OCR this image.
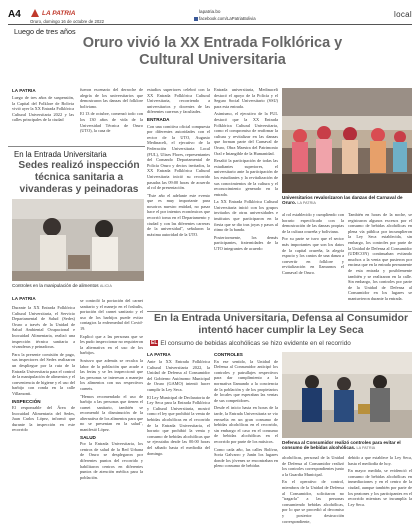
A4	LA PATRIA
Oruro, domingo 16 de octubre de 2022
lapatria.bo
facebook.com/LaPatriaBolivia	local
Luego de tres años
Oruro vivió la XX Entrada Folklórica y Cultural Universitaria
LA PATRIA

Luego de tres años de suspensión, la Capital del Folklore de Bolivia vivió ayer la XX Entrada Folklórica Cultural Universitaria 2022 y las calles principales de la ciudad

fueron escenario del derroche de alegría de los universitarios que demostraron las danzas del folklore boliviano.

El 13 de octubre, comenzó todo con los 130 años de vida de la Universidad Técnica de Oruro (UTO), la casa de

estudios superiores celebró con la XX Entrada Folklórica Cultural Universitaria, recorriendo a universitarios y docentes de las diferentes carreras y facultades.

ENTRADA

Con una comitiva oficial compuesta por diferentes autoridades con el rector de la UTO, Augusto Medinaceli, el ejecutivo de la Federación Universitaria Local (FUL), Ulises Flores, representantes del Comando Departamental de Policía Oruro y dectos invitados, la XX Entrada Folklórica Cultural Universitaria inició su recorrido pasadas las 09:00 horas de acuerdo al rol de presentación.

"Este año el adelante este evento que es muy importante para nosotros nuestro entidad, no pasar hace el por intentos económicos que recorrió toma en el Departamento y ciudad y con las diferentes carreras de la universidad", señalaron la máxima autoridad de la UTO.

Entrada universitaria, Medinaceli destacó el apoyo de la Policía y el Seguro Social Universitario (SSU) para esta entrada.

Asimismo, el ejecutivo de la FUL destacó que la XX Entrada Folklórica Cultural Universitaria, como el compromiso de reafirmar la cultura y revitalizar en las danzas que forman parte del Carnaval de Oruro, Obra Maestra del Patrimonio Oral e Intangible de la Humanidad.

Resaltó la participación de todas las estudiantes superiores, el universitario ante la participación de los estudiantes y la revitalización de sus conocimientos de la cultura y el reconocimiento generado en la entrada.

La XX Entrada Folklórica Cultural Universitaria inició con los grupos invitados de otras universidades e institutos que participaron en la fiesta que se dio tras joyas y pasos al ritmo de la banda.

Posteriormente, los demás participantes, fraternidades de la UTO integrantes de acuerdo

Universitarios revalorizaron las danzas del Carnaval de Oruro. LA PATRIA

al rol establecido y cumpliendo con horario especificado con la demostración de las danzas propias de la cultura orureña y boliviana.

Por su parte se tuvo que el sector más importantes que son los datos de la capital orureña, la alegría espacio y los cantos de una danza a convertir en folklore y revitalización en llamarnos el Carnaval de Oruro.

También en horas de la noche, se registraron algunos excesos por el consumo de bebidas alcohólicas en plena vía pública por incumplieron la Ley Seca establecida, sin embargo, los controles por parte de la Unidad de Defensa al Consumidor (UDECON) continuaban evitando muchos a la venta que pusieron por encima que en la entrada permanente de esta entrada y posiblemente también y se realizaron en la calle. Sin embargo, los controles por parte de la Unidad de Defensa al Consumidor en los lugares se mantuvieron durante la entrada.

En la Entrada Universitaria
Sedes realizó inspección técnica sanitaria a vivanderas y peinadoras
Controles en la manipulación de alimentos ALICIA
LA PATRIA

Durante la XX Entrada Folklórica Cultural Universitaria, el Servicio Departamental de Salud (Sedes) Oruro a través de la Unidad de Salud Ambiental Ocupacional e Inocuidad Alimentaria, realizó una inspección técnica sanitaria a vivanderas y peinadoras.

Para la presente comisión de pago, sus inspectores del Sedes realizaron un despliegue por la ruta de la Entrada Universitaria para el control de la manipulación de alimentos y el conveniencia de higiene y el uso del barbijo con ronda en la calle Villamonti.

INSPECCIÓN

El responsable del Área de Inocuidad Alimentaria del Sedes, Juan Carlos López, informó que durante la inspección en este recorrido

se controló la portación del carnet sanitario y el manejo en el fosbulis, portación del carnet sanitario y el uso de los barbijos puede evitar contagios la enfermedad del Covid-19.

Explicó que a las personas que se les pudo inspeccionar no requirieron la alternativa en el uso de los barbijos.

Sostuvo que además se recalca la labor de la población que acude a las ferias y se les inspeccionó que las personas se interesan a manejar los alimentos con sus respectivos carnets.

"Hemos recomendado el uso de barbijo a las personas que tienen el carnet sanitario, también se recomendó la disminución de la alternativa de los alimentos para que no se presentan en la salud", manifestó López.

SALUD

Por la Entrada Universitaria, los centros de salud de la Red Urbana de Oruro se desplegaron por diferentes puntos del recorrido y habilitaron centros en diferentes puntos de atención médica para la población.

En la Entrada Universitaria, Defensa al Consumidor intentó hacer cumplir la Ley Seca
EL El consumo de bebidas alcohólicas se hizo evidente en el recorrido
LA PATRIA

Ante la XX Entrada Folklórica Cultural Universitaria 2022, la Unidad de Defensa al Consumidor del Gobierno Autónomo Municipal de Oruro (GAMO) intentó hacer cumplir la Ley Seca.

El Ley Municipal de Declaratoria de Ley Seca para la Entrada Folklórica y Cultural Universitaria, mostró como el ley que prohibió la venta de bebidas alcohólicas en el recorrido de la Entrada Universitaria, el horario que prohibió la venta y consumo de bebidas alcohólicas que se ejecutaba desde las 00:00 horas del sábado hasta el mediodía del domingo.

CONTROLES

En ese sentido, la Unidad de Defensa al Consumidor anticipó los controles y patrullajes respectivos para dar cumplimiento a la normativa llamando a la conciencia de la población y de los propietarios de locales que esperaban las ventas de sus competidores.

Desde el inicio hasta en horas de la tarde, la Entrada Universitaria se vio envuelta en un gran consumo de bebidas alcohólicas en el recorrido, sin embargo el caso en el consumo de bebidas alcohólicas en el recorrido por parte de los músicos.

Como cada año, las calles Bolívar, Soria Galvarro y Junín los lugares donde los jóvenes se encontraban en pleno consumo de bebidas

Defensa al Consumidor realizó controles para evitar el consumo de bebidas alcohólicas. LA PATRIA

alcohólicas, personal de la Unidad de Defensa al Consumidor realizó los controles correspondientes junto a la Guardia Municipal.

En el operativo de control, miembros de la Unidad de Defensa al Consumidor, solicitaron no "tragarla" a las personas consumiendo bebidas alcohólicas, por lo que se procedió al decomiso y posterior destrucción correspondiente,

debido a que establece la Ley Seca, hasta el mediodía de hoy.

En mayor medida, se evidenció el consumo de bebidas alcohólicas en inmediaciones y en el centro de la ciudad, aunque también por parte de los peatones y los participantes en el recorrido mientras se incumplía la Ley Seca.
